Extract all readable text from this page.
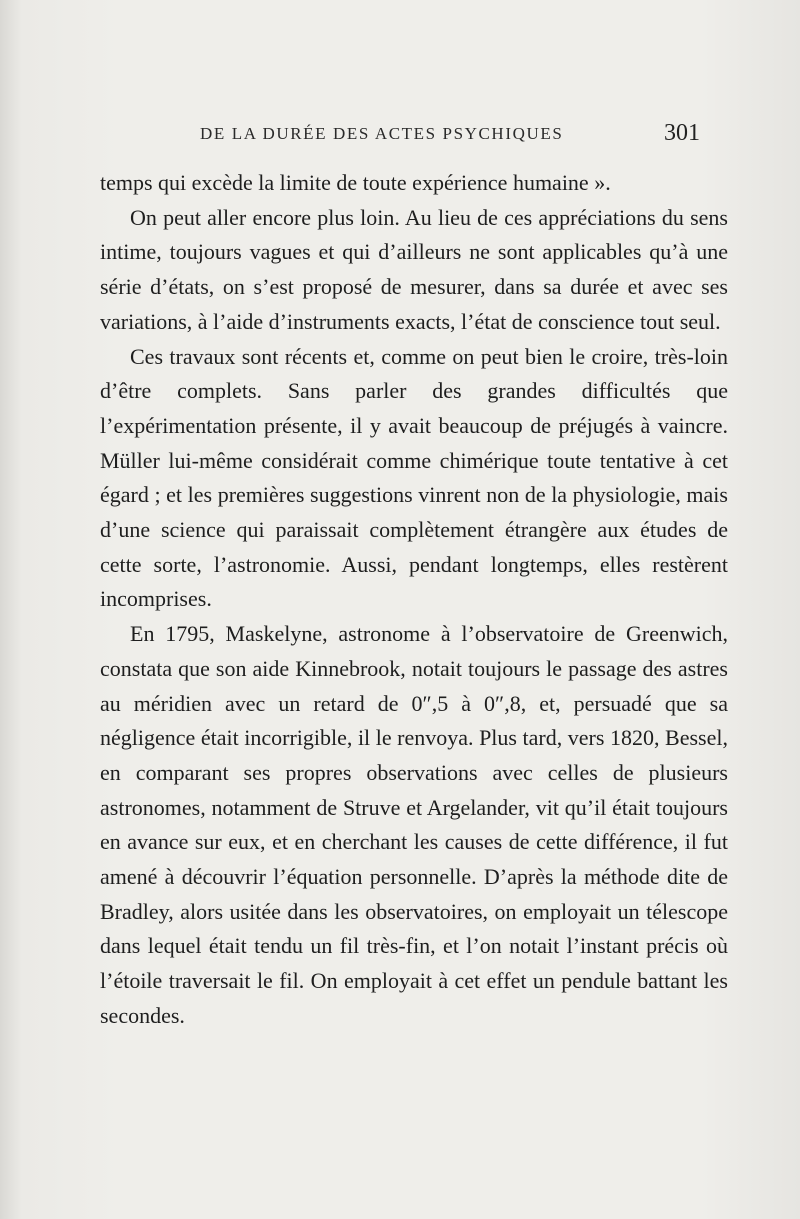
DE LA DURÉE DES ACTES PSYCHIQUES	301

temps qui excède la limite de toute expérience humaine ».

On peut aller encore plus loin. Au lieu de ces appréciations du sens intime, toujours vagues et qui d’ailleurs ne sont applicables qu’à une série d’états, on s’est proposé de mesurer, dans sa durée et avec ses variations, à l’aide d’instruments exacts, l’état de conscience tout seul.

Ces travaux sont récents et, comme on peut bien le croire, très-loin d’être complets. Sans parler des grandes difficultés que l’expérimentation présente, il y avait beaucoup de préjugés à vaincre. Müller lui-même considérait comme chimérique toute tentative à cet égard ; et les premières suggestions vinrent non de la physiologie, mais d’une science qui paraissait complètement étrangère aux études de cette sorte, l’astronomie. Aussi, pendant longtemps, elles restèrent incomprises.

En 1795, Maskelyne, astronome à l’observatoire de Greenwich, constata que son aide Kinnebrook, notait toujours le passage des astres au méridien avec un retard de 0″,5 à 0″,8, et, persuadé que sa négligence était incorrigible, il le renvoya. Plus tard, vers 1820, Bessel, en comparant ses propres observations avec celles de plusieurs astronomes, notamment de Struve et Argelander, vit qu’il était toujours en avance sur eux, et en cherchant les causes de cette différence, il fut amené à découvrir l’équation personnelle. D’après la méthode dite de Bradley, alors usitée dans les observatoires, on employait un télescope dans lequel était tendu un fil très-fin, et l’on notait l’instant précis où l’étoile traversait le fil. On employait à cet effet un pendule battant les secondes.
